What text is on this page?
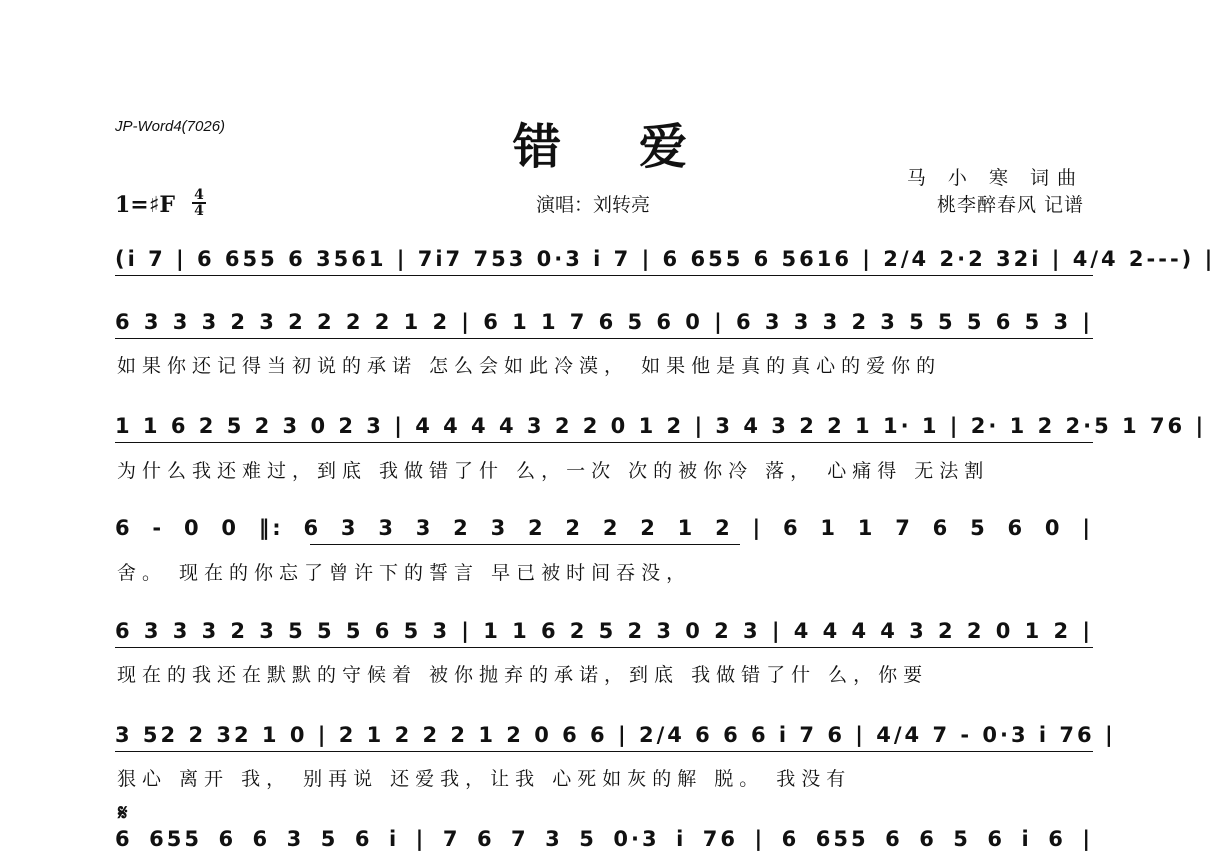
JP-Word4(7026)	错爱
马 小 寒 词曲
桃李醉春风 记谱
演唱：刘转亮
1=♯F 4
4
(i 7 | 6 655 6 3561 | 7i7 753 0·3 i 7 | 6 655 6 5616 | 2/4 2·2 32i | 4/4 2---) |
6 3 3 3 2 3 2 2 2 2 1 2 | 6 1 1 7 6 5 6 0 | 6 3 3 3 2 3 5 5 5 6 5 3 |
如果你还记得当初说的承诺 怎么会如此冷漠， 如果他是真的真心的爱你的
1 1 6 2 5 2 3 0 2 3 | 4 4 4 4 3 2 2 0 1 2 | 3 4 3 2 2 1 1· 1 | 2· 1 2 2·5 1 76 |
为什么我还难过，到底 我做错了什 么，一次 次的被你冷 落， 心痛得 无法割
6 - 0 0 ‖: 6 3 3 3 2 3 2 2 2 2 1 2 | 6 1 1 7 6 5 6 0 |
舍。 现在的你忘了曾许下的誓言 早已被时间吞没，
6 3 3 3 2 3 5 5 5 6 5 3 | 1 1 6 2 5 2 3 0 2 3 | 4 4 4 4 3 2 2 0 1 2 |
现在的我还在默默的守候着 被你抛弃的承诺，到底 我做错了什 么，你要
3 52 2 32 1 0 | 2 1 2 2 2 1 2 0 6 6 | 2/4 6 6 6 i 7 6 | 4/4 7 - 0·3 i 76 |
狠心 离开 我， 别再说 还爱我，让我 心死如灰的解 脱。 我没有
𝄋
6 655 6 6 3 5 6 i | 7 6 7 3 5 0·3 i 76 | 6 655 6 6 5 6 i 6 |
